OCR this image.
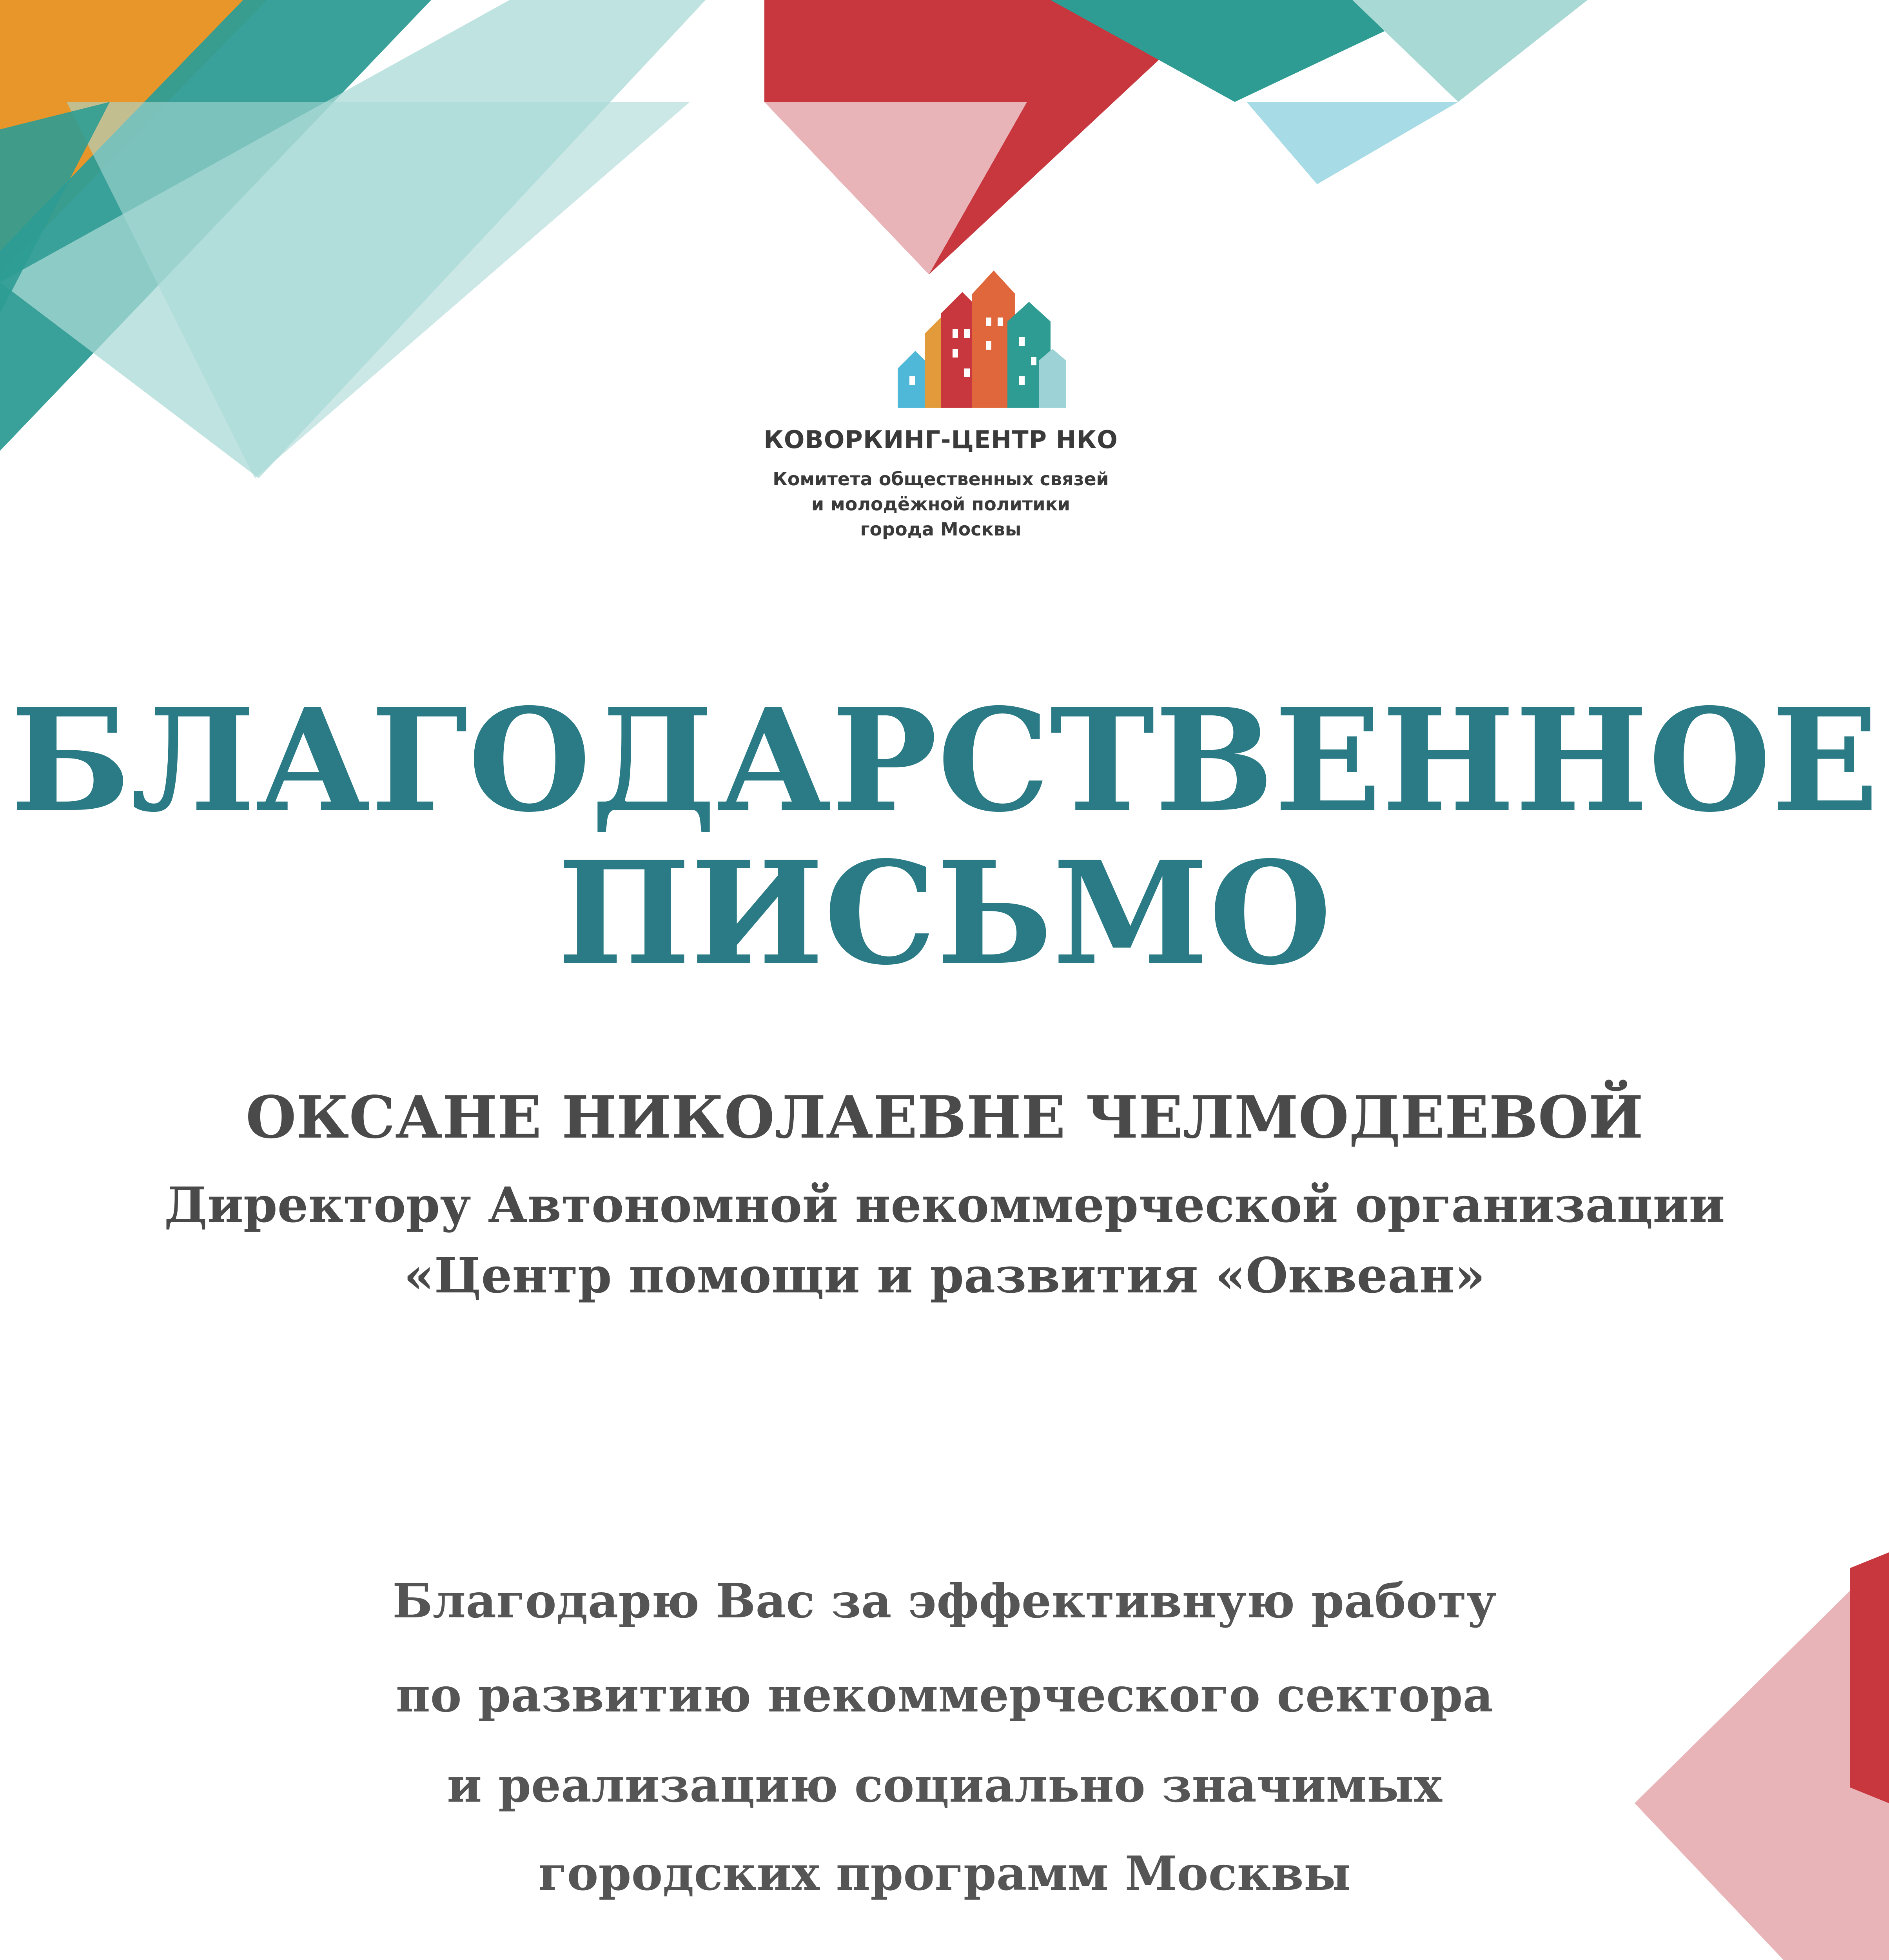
КОВОРКИНГ-ЦЕНТР НКО
Комитета общественных связей
и молодёжной политики
города Москвы
БЛАГОДАРСТВЕННОЕ
ПИСЬМО
ОКСАНЕ НИКОЛАЕВНЕ ЧЕЛМОДЕЕВОЙ
Директору Автономной некоммерческой организации
«Центр помощи и развития «Оквеан»
Благодарю Вас за эффективную работу
по развитию некоммерческого сектора
и реализацию социально значимых
городских программ Москвы
